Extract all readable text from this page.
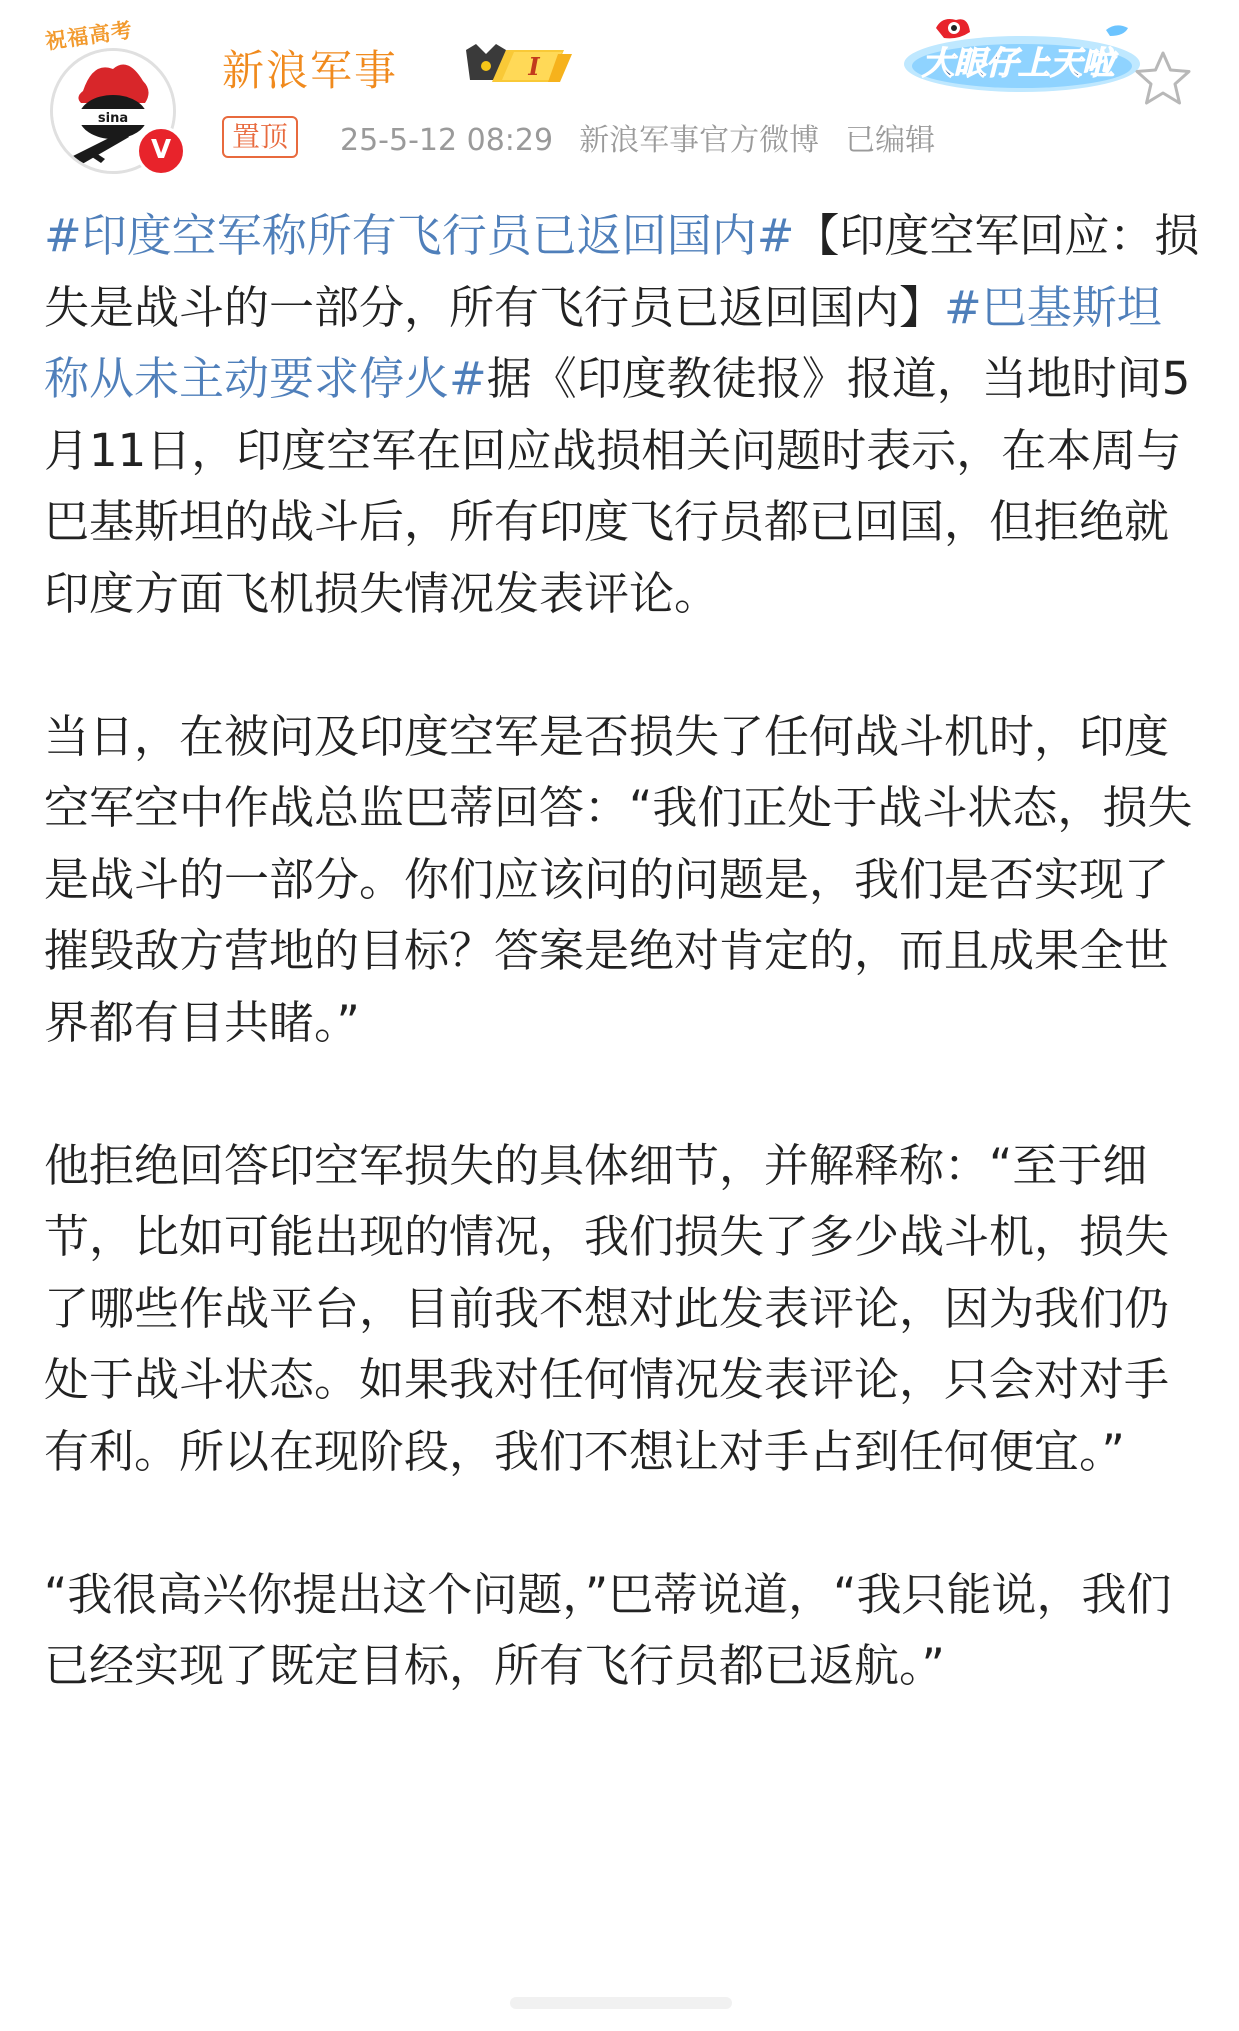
sina
祝福高考
V
新浪军事	I
置顶	25-5-12 08:29 新浪军事官方微博 已编辑
大眼仔上天啦

#印度空军称所有飞行员已返回国内#【印度空军回应：损失是战斗的一部分，所有飞行员已返回国内】#巴基斯坦称从未主动要求停火#据《印度教徒报》报道，当地时间5月11日，印度空军在回应战损相关问题时表示，在本周与巴基斯坦的战斗后，所有印度飞行员都已回国，但拒绝就印度方面飞机损失情况发表评论。

当日，在被问及印度空军是否损失了任何战斗机时，印度空军空中作战总监巴蒂回答：“我们正处于战斗状态，损失是战斗的一部分。你们应该问的问题是，我们是否实现了摧毁敌方营地的目标？答案是绝对肯定的，而且成果全世界都有目共睹。”

他拒绝回答印空军损失的具体细节，并解释称：“至于细节，比如可能出现的情况，我们损失了多少战斗机，损失了哪些作战平台，目前我不想对此发表评论，因为我们仍处于战斗状态。如果我对任何情况发表评论，只会对对手有利。所以在现阶段，我们不想让对手占到任何便宜。”

“我很高兴你提出这个问题，”巴蒂说道，“我只能说，我们已经实现了既定目标，所有飞行员都已返航。”
